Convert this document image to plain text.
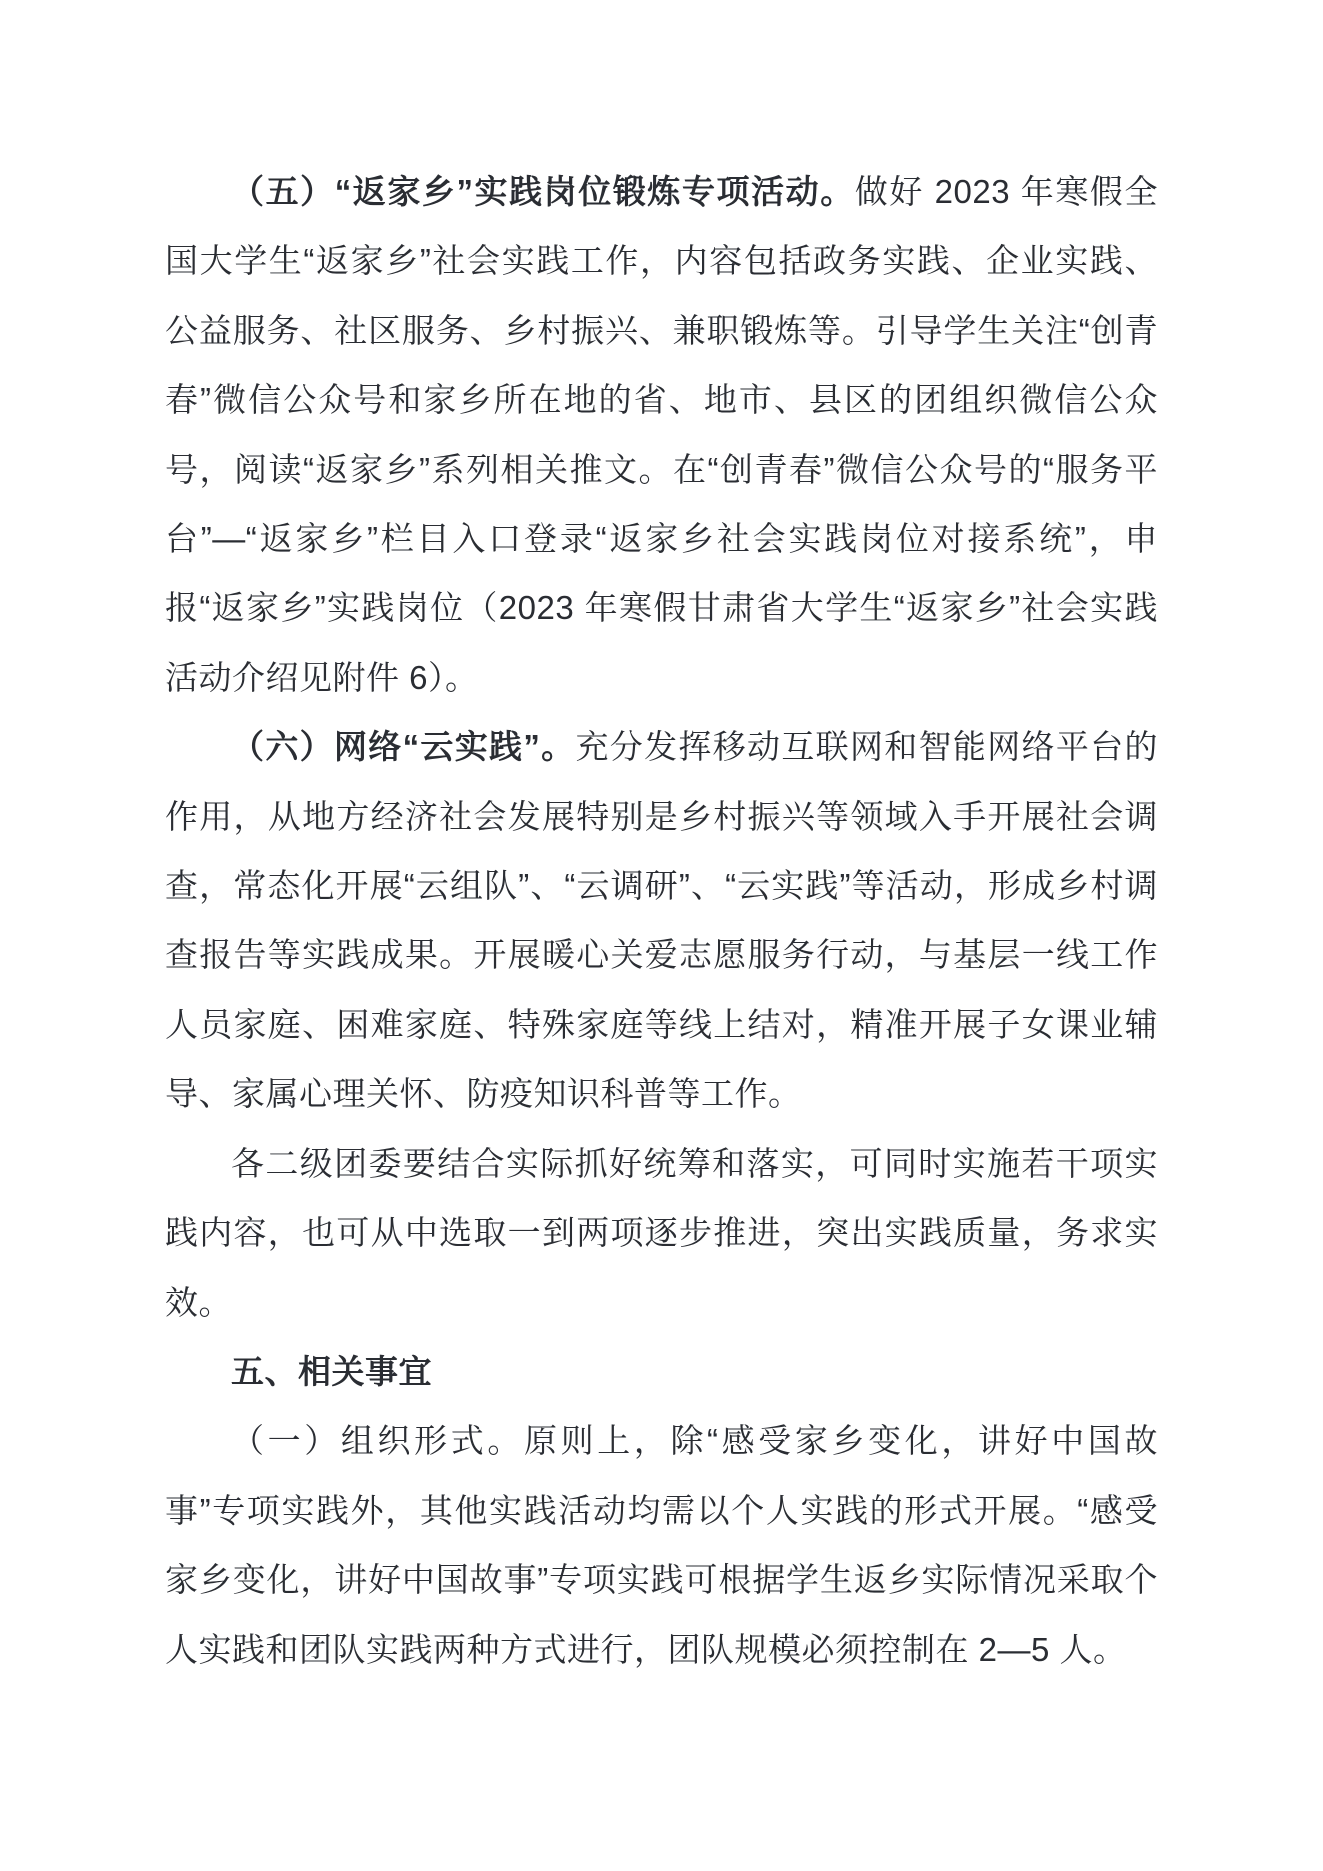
（五）“返家乡”实践岗位锻炼专项活动。做好 2023 年寒假全国大学生“返家乡”社会实践工作，内容包括政务实践、企业实践、公益服务、社区服务、乡村振兴、兼职锻炼等。引导学生关注“创青春”微信公众号和家乡所在地的省、地市、县区的团组织微信公众号，阅读“返家乡”系列相关推文。在“创青春”微信公众号的“服务平台”—“返家乡”栏目入口登录“返家乡社会实践岗位对接系统”，申报“返家乡”实践岗位（2023 年寒假甘肃省大学生“返家乡”社会实践活动介绍见附件 6）。

（六）网络“云实践”。充分发挥移动互联网和智能网络平台的作用，从地方经济社会发展特别是乡村振兴等领域入手开展社会调查，常态化开展“云组队”、“云调研”、“云实践”等活动，形成乡村调查报告等实践成果。开展暖心关爱志愿服务行动，与基层一线工作人员家庭、困难家庭、特殊家庭等线上结对，精准开展子女课业辅导、家属心理关怀、防疫知识科普等工作。

各二级团委要结合实际抓好统筹和落实，可同时实施若干项实践内容，也可从中选取一到两项逐步推进，突出实践质量，务求实效。

五、相关事宜

（一）组织形式。原则上，除“感受家乡变化，讲好中国故事”专项实践外，其他实践活动均需以个人实践的形式开展。“感受家乡变化，讲好中国故事”专项实践可根据学生返乡实际情况采取个人实践和团队实践两种方式进行，团队规模必须控制在 2—5 人。
